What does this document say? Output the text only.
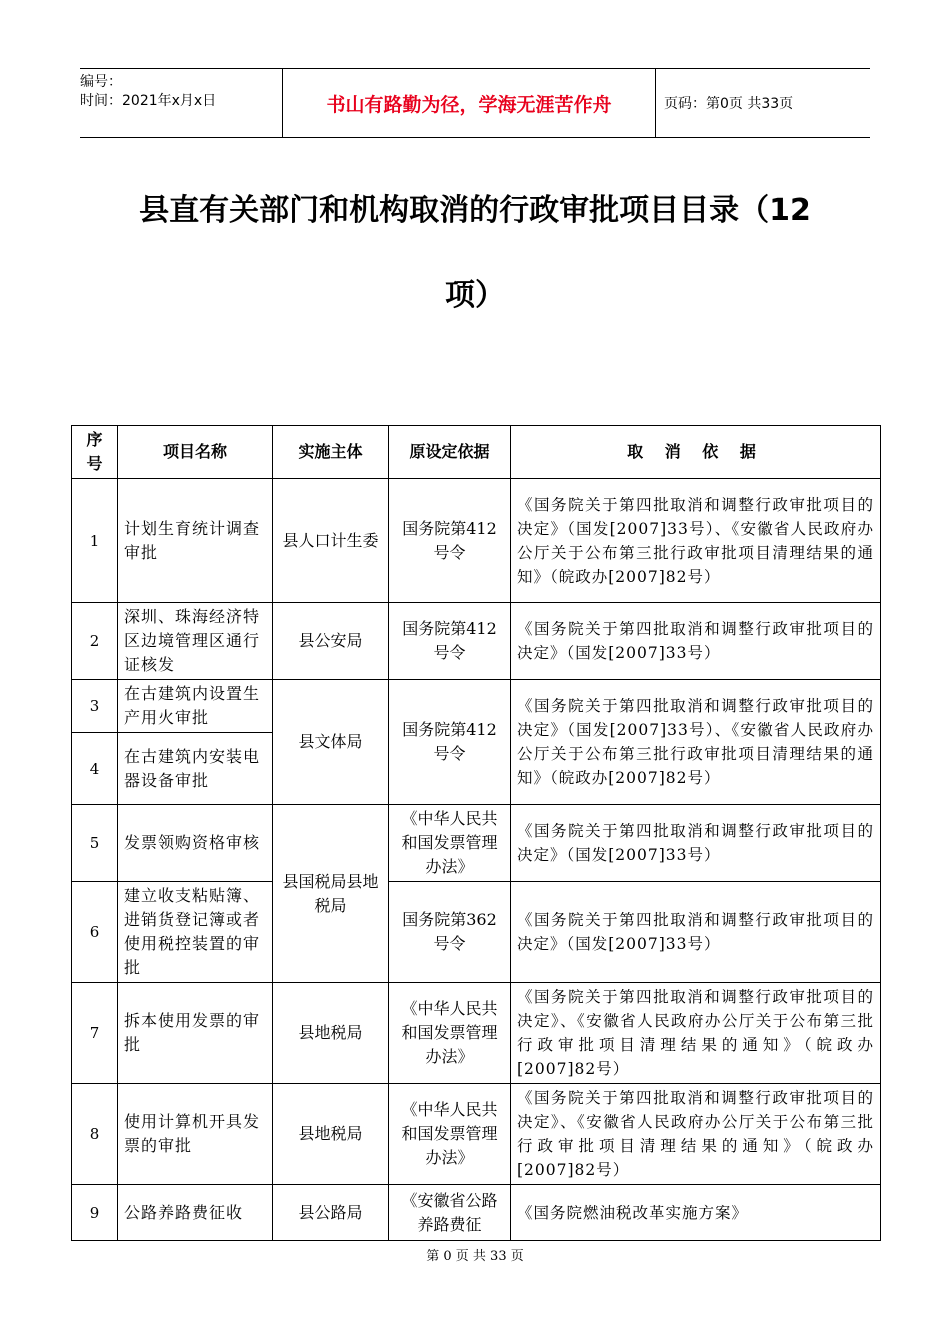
编号：
时间：2021年x月x日	书山有路勤为径，学海无涯苦作舟	页码：第0页 共33页
县直有关部门和机构取消的行政审批项目目录（12
项）
序号	项目名称	实施主体	原设定依据	取 消 依 据
1	计划生育统计调查审批	县人口计生委	国务院第412号令	《国务院关于第四批取消和调整行政审批项目的决定》（国发[2007]33号）、《安徽省人民政府办公厅关于公布第三批行政审批项目清理结果的通知》（皖政办[2007]82号）
2	深圳、珠海经济特区边境管理区通行证核发	县公安局	国务院第412号令	《国务院关于第四批取消和调整行政审批项目的决定》（国发[2007]33号）
3	在古建筑内设置生产用火审批	县文体局	国务院第412号令	《国务院关于第四批取消和调整行政审批项目的决定》（国发[2007]33号）、《安徽省人民政府办公厅关于公布第三批行政审批项目清理结果的通知》（皖政办[2007]82号）
4	在古建筑内安装电器设备审批			
5	发票领购资格审核	县国税局县地税局	《中华人民共和国发票管理办法》	《国务院关于第四批取消和调整行政审批项目的决定》（国发[2007]33号）
6	建立收支粘贴簿、进销货登记簿或者使用税控装置的审批		国务院第362号令	《国务院关于第四批取消和调整行政审批项目的决定》（国发[2007]33号）
7	拆本使用发票的审批	县地税局	《中华人民共和国发票管理办法》	《国务院关于第四批取消和调整行政审批项目的决定》、《安徽省人民政府办公厅关于公布第三批行政审批项目清理结果的通知》（皖政办[2007]82号）
8	使用计算机开具发票的审批	县地税局	《中华人民共和国发票管理办法》	《国务院关于第四批取消和调整行政审批项目的决定》、《安徽省人民政府办公厅关于公布第三批行政审批项目清理结果的通知》（皖政办[2007]82号）
9	公路养路费征收	县公路局	《安徽省公路养路费征	《国务院燃油税改革实施方案》
第 0 页 共 33 页
